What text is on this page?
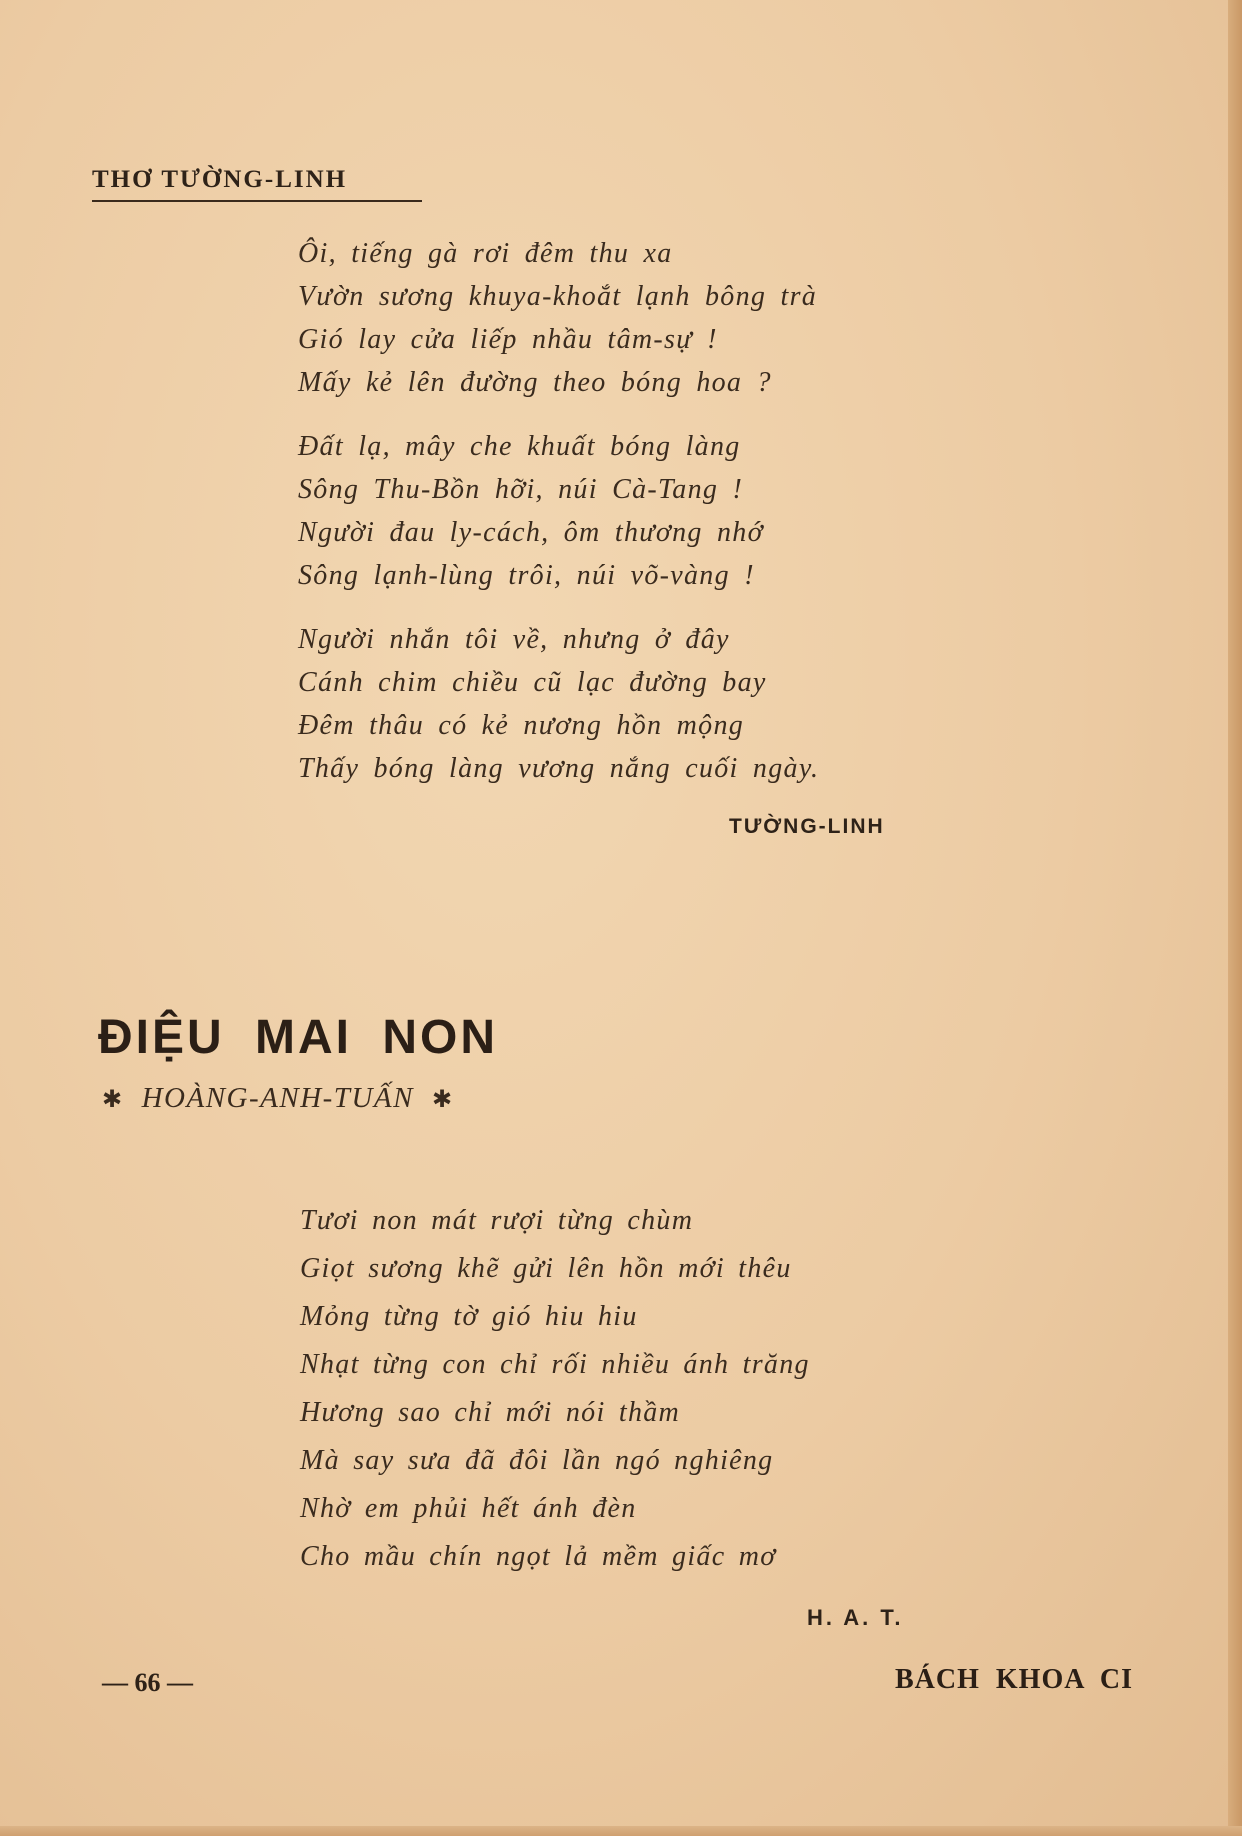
THƠ TƯỜNG-LINH
Ôi, tiếng gà rơi đêm thu xa
Vườn sương khuya-khoắt lạnh bông trà
Gió lay cửa liếp nhầu tâm-sự !
Mấy kẻ lên đường theo bóng hoa ?
Đất lạ, mây che khuất bóng làng
Sông Thu-Bồn hỡi, núi Cà-Tang !
Người đau ly-cách, ôm thương nhớ
Sông lạnh-lùng trôi, núi võ-vàng !
Người nhắn tôi về, nhưng ở đây
Cánh chim chiều cũ lạc đường bay
Đêm thâu có kẻ nương hồn mộng
Thấy bóng làng vương nắng cuối ngày.
TƯỜNG-LINH
ĐIỆU MAI NON
✱ HOÀNG-ANH-TUẤN ✱
Tươi non mát rượi từng chùm
Giọt sương khẽ gửi lên hồn mới thêu
Mỏng từng tờ gió hiu hiu
Nhạt từng con chỉ rối nhiều ánh trăng
Hương sao chỉ mới nói thầm
Mà say sưa đã đôi lần ngó nghiêng
Nhờ em phủi hết ánh đèn
Cho mầu chín ngọt lả mềm giấc mơ
H. A. T.
— 66 —	BÁCH KHOA CI
